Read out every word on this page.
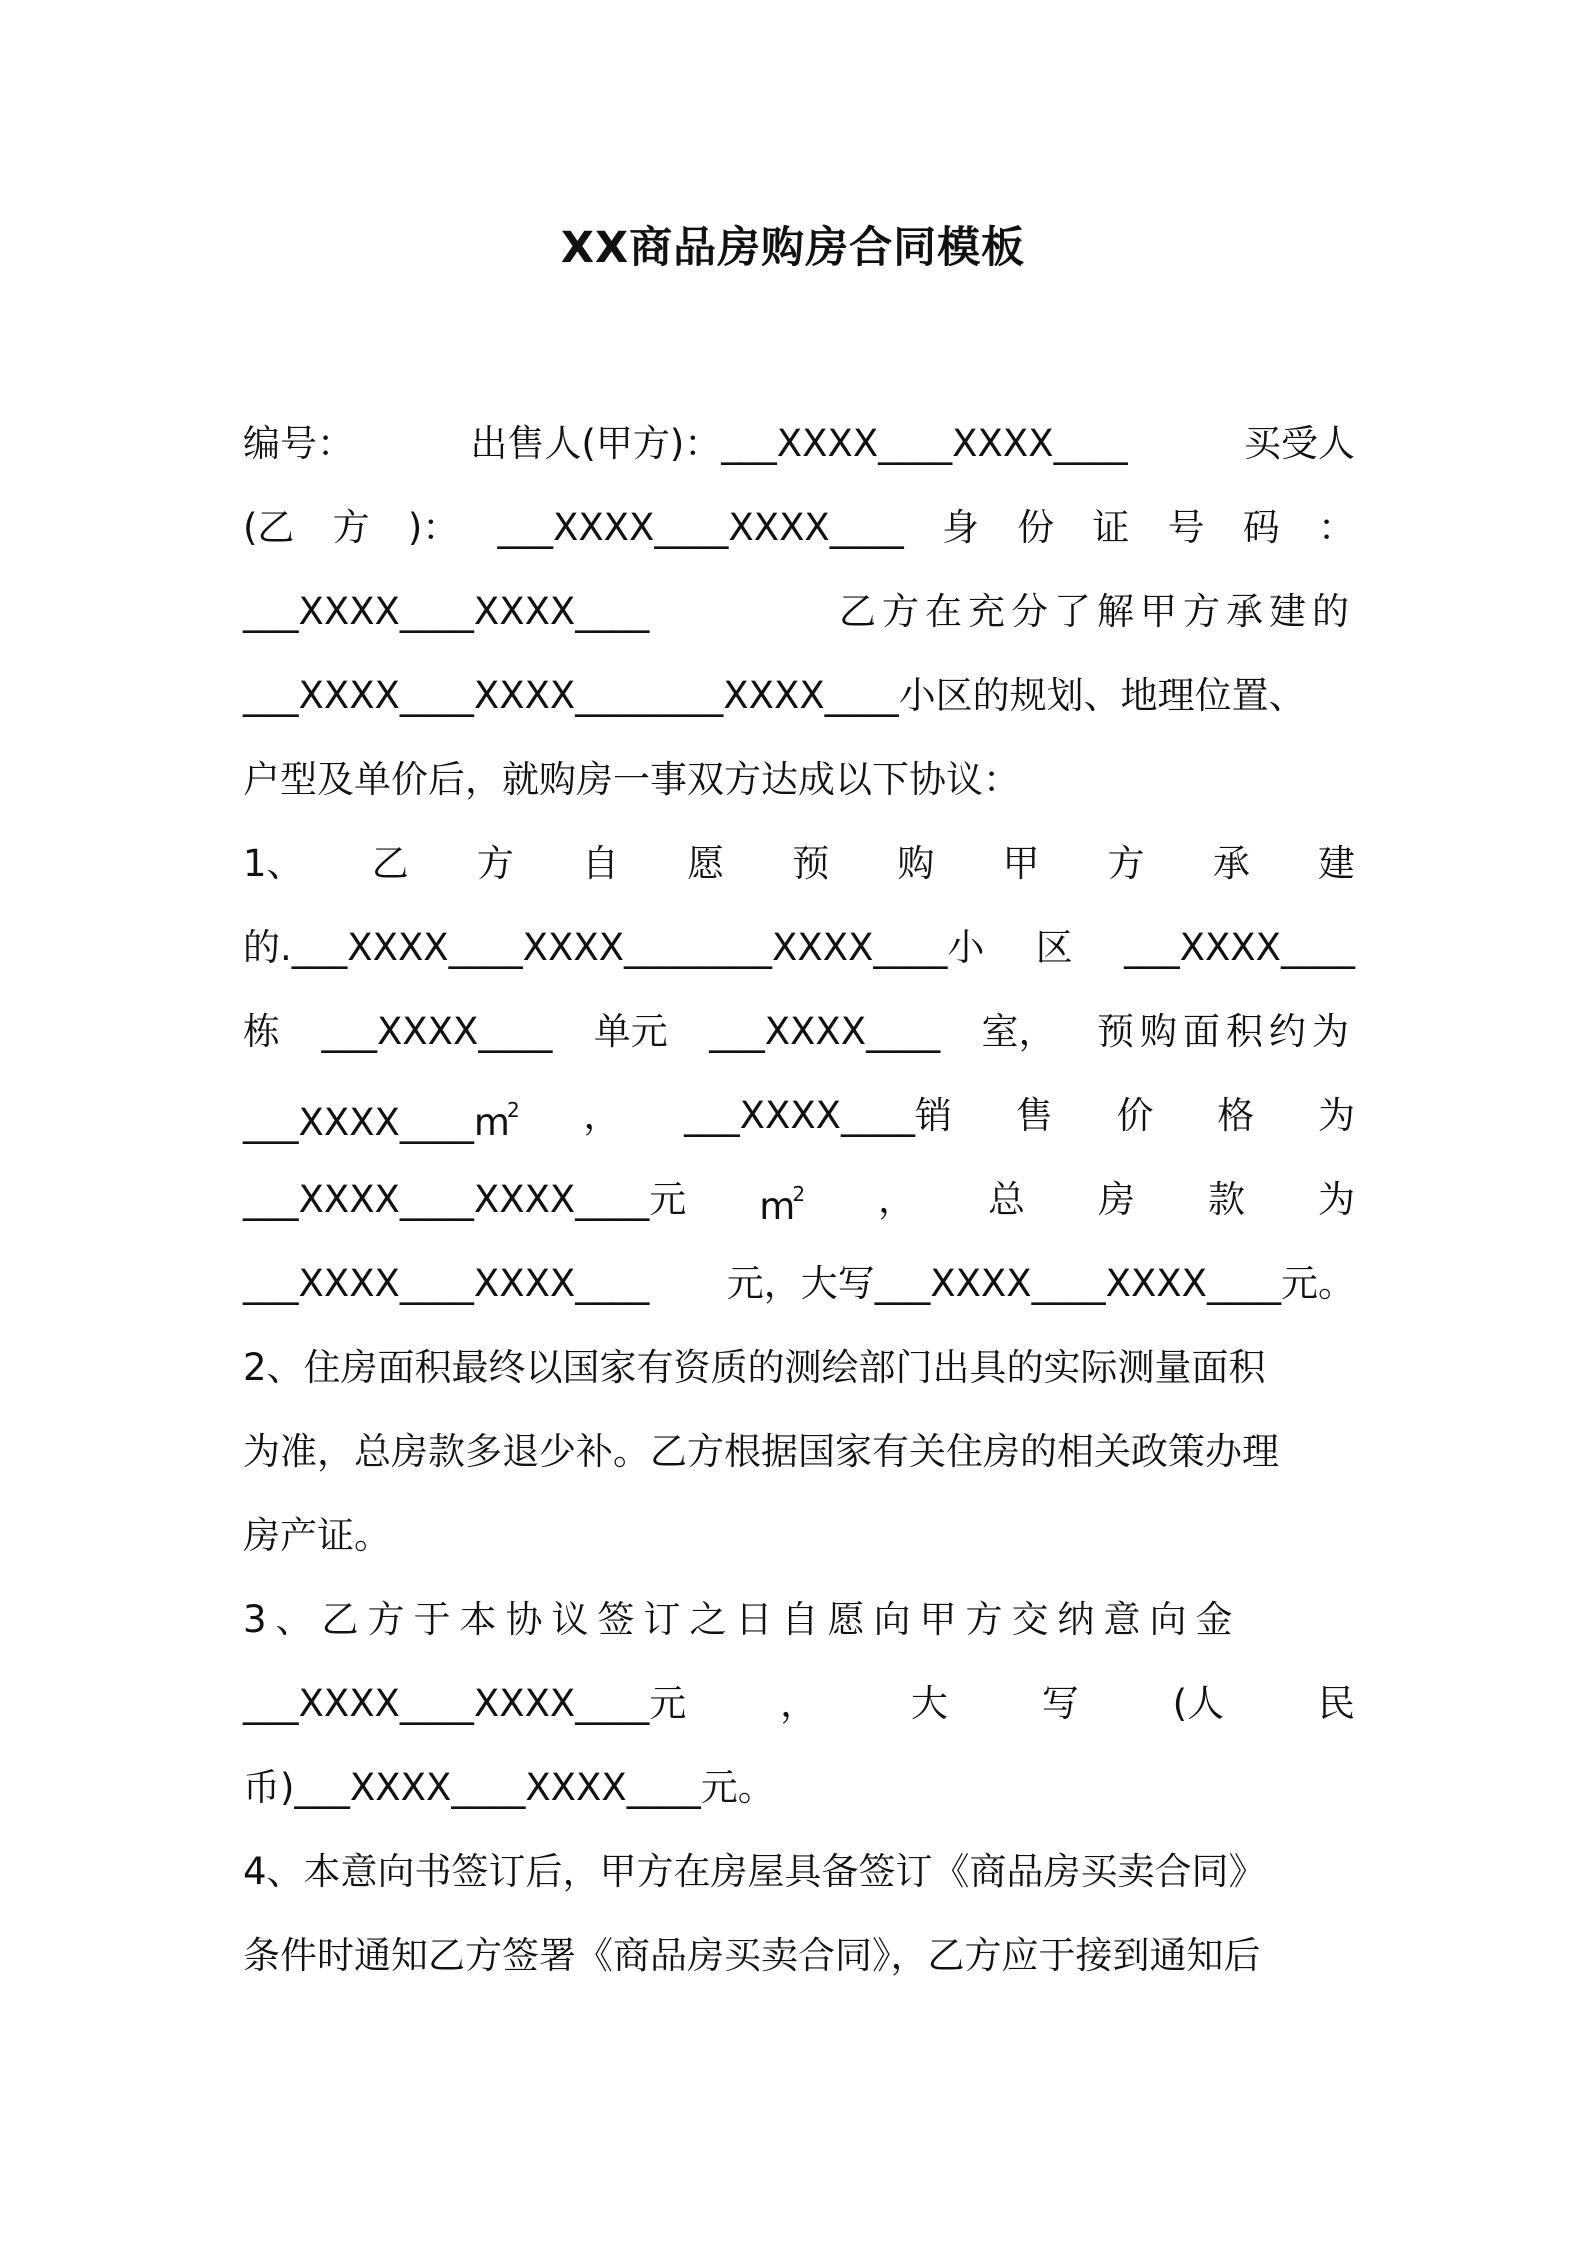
XX商品房购房合同模板
编号：	出售人(甲方)：___XXXX____XXXX____	买受人
(乙 方 )： ___XXXX____XXXX____ 身 份 证 号 码 ：
___XXXX____XXXX____	乙方在充分了解甲方承建的
___XXXX____XXXX________XXXX____小区的规划、地理位置、
户型及单价后，就购房一事双方达成以下协议：
1、 乙 方 自 愿 预 购 甲 方 承 建
的.___XXXX____XXXX________XXXX____小 区 ___XXXX____
栋 ___XXXX____ 单元 ___XXXX____ 室， 预购面积约为
___XXXX____m2 ， ___XXXX____销 售 价 格 为
___XXXX____XXXX____元 m2 ， 总 房 款 为
___XXXX____XXXX____ 元，大写___XXXX____XXXX____元。
2、住房面积最终以国家有资质的测绘部门出具的实际测量面积
为准，总房款多退少补。乙方根据国家有关住房的相关政策办理
房产证。
3、乙方于本协议签订之日自愿向甲方交纳意向金
___XXXX____XXXX____元	，	大	写	(人	民
币)___XXXX____XXXX____元。
4、本意向书签订后，甲方在房屋具备签订《商品房买卖合同》
条件时通知乙方签署《商品房买卖合同》，乙方应于接到通知后
